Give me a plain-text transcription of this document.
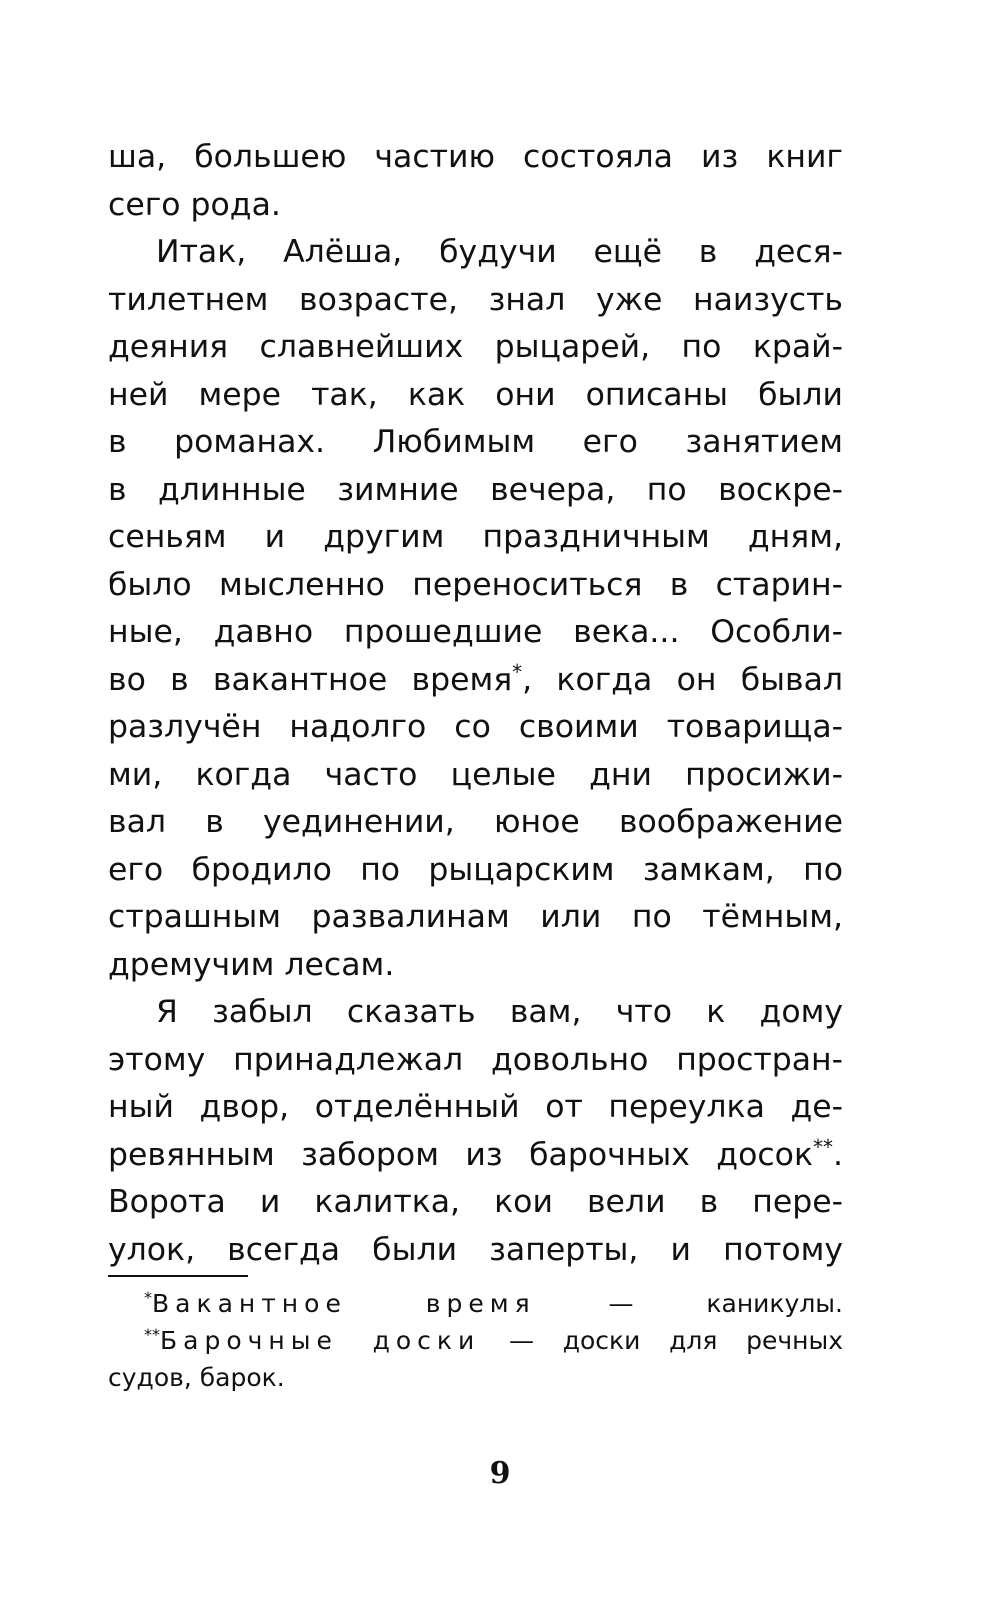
ша, большею частию состояла из книг
сего рода.
Итак, Алёша, будучи ещё в деся-
тилетнем возрасте, знал уже наизусть
деяния славнейших рыцарей, по край-
ней мере так, как они описаны были
в романах. Любимым его занятием
в длинные зимние вечера, по воскре-
сеньям и другим праздничным дням,
было мысленно переноситься в старин-
ные, давно прошедшие века... Особли-
во в вакантное время*, когда он бывал
разлучён надолго со своими товарища-
ми, когда часто целые дни просижи-
вал в уединении, юное воображение
его бродило по рыцарским замкам, по
страшным развалинам или по тёмным,
дремучим лесам.
Я забыл сказать вам, что к дому
этому принадлежал довольно простран-
ный двор, отделённый от переулка де-
ревянным забором из барочных досок**.
Ворота и калитка, кои вели в пере-
улок, всегда были заперты, и потому
*Вакантное время	— каникулы.
**Барочные доски — доски для речных
судов, барок.
9
